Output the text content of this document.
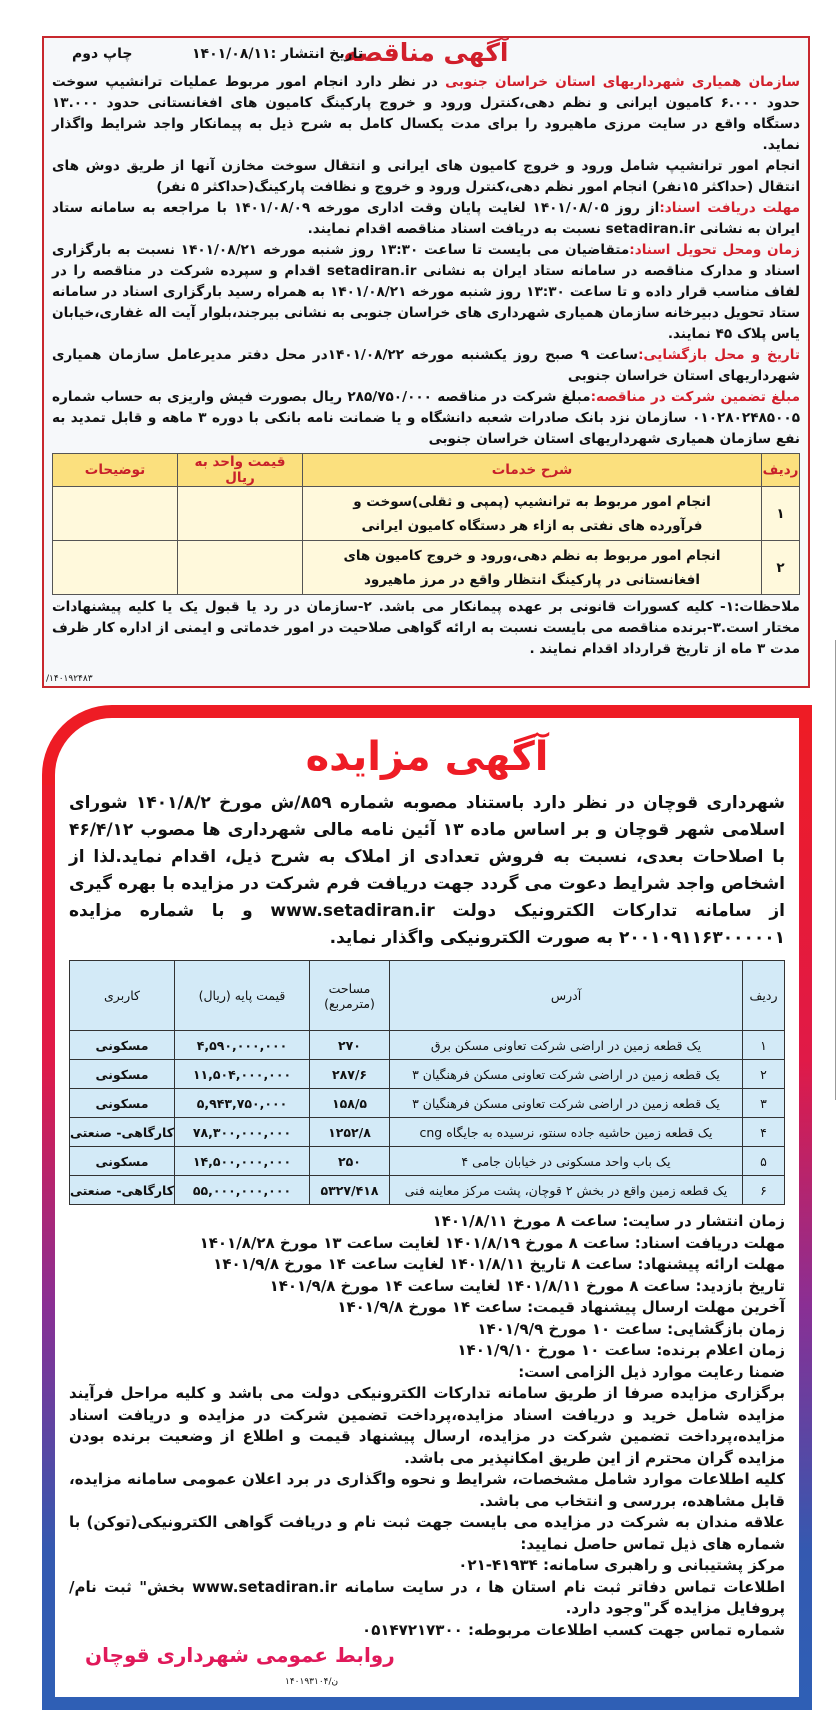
آگهی مناقصه
تاریخ انتشار :۱۴۰۱/۰۸/۱۱
چاپ دوم

سازمان همیاری شهرداریهای استان خراسان جنوبی در نظر دارد انجام امور مربوط عملیات ترانشیپ سوخت حدود ۶.۰۰۰ کامیون ایرانی و نظم دهی،کنترل ورود و خروج پارکینگ کامیون های افغانستانی حدود ۱۳.۰۰۰ دستگاه واقع در سایت مرزی ماهیرود را برای مدت یکسال کامل به شرح ذیل به پیمانکار واجد شرایط واگذار نماید.

انجام امور ترانشیپ شامل ورود و خروج کامیون های ایرانی و انتقال سوخت مخازن آنها از طریق دوش های انتقال (حداکثر ۱۵نفر) انجام امور نظم دهی،کنترل ورود و خروج و نظافت پارکینگ(حداکثر ۵ نفر)

مهلت دریافت اسناد:از روز ۱۴۰۱/۰۸/۰۵ لغایت پایان وقت اداری مورخه ۱۴۰۱/۰۸/۰۹ با مراجعه به سامانه ستاد ایران به نشانی setadiran.ir نسبت به دریافت اسناد مناقصه اقدام نمایند.

زمان ومحل تحویل اسناد:متقاضیان می بایست تا ساعت ۱۳:۳۰ روز شنبه مورخه ۱۴۰۱/۰۸/۲۱ نسبت به بارگزاری اسناد و مدارک مناقصه در سامانه ستاد ایران به نشانی setadiran.ir اقدام و سپرده شرکت در مناقصه را در لفاف مناسب قرار داده و تا ساعت ۱۳:۳۰ روز شنبه مورخه ۱۴۰۱/۰۸/۲۱ به همراه رسید بارگزاری اسناد در سامانه ستاد تحویل دبیرخانه سازمان همیاری شهرداری های خراسان جنوبی به نشانی بیرجند،بلوار آیت اله غفاری،خیابان یاس پلاک ۴۵ نمایند.

تاریخ و محل بازگشایی:ساعت ۹ صبح روز یکشنبه مورخه ۱۴۰۱/۰۸/۲۲در محل دفتر مدیرعامل سازمان همیاری شهرداریهای استان خراسان جنوبی

مبلغ تضمین شرکت در مناقصه:مبلغ شرکت در مناقصه ۲۸۵/۷۵۰/۰۰۰ ریال بصورت فیش واریزی به حساب شماره ۰۱۰۲۸۰۲۴۸۵۰۰۵ سازمان نزد بانک صادرات شعبه دانشگاه و یا ضمانت نامه بانکی با دوره ۳ ماهه و قابل تمدید به نفع سازمان همیاری شهرداریهای استان خراسان جنوبی

ردیف	شرح خدمات	قیمت واحد به ریال	توضیحات
۱	انجام امور مربوط به ترانشیپ (پمپی و ثقلی)سوخت و فرآورده های نفتی به ازاء هر دستگاه کامیون ایرانی		
۲	انجام امور مربوط به نظم دهی،ورود و خروج کامیون های افغانستانی در پارکینگ انتظار واقع در مرز ماهیرود		

ملاحظات:۱- کلیه کسورات قانونی بر عهده پیمانکار می باشد. ۲-سازمان در رد یا قبول یک یا کلیه پیشنهادات مختار است.۳-برنده مناقصه می بایست نسبت به ارائه گواهی صلاحیت در امور خدماتی و ایمنی از اداره کار ظرف مدت ۳ ماه از تاریخ قرارداد اقدام نمایند .

/۱۴۰۱۹۲۴۸۳
آگهی مزایده

شهرداری قوچان در نظر دارد باستناد مصوبه شماره ۸۵۹/ش مورخ ۱۴۰۱/۸/۲ شورای اسلامی شهر قوچان و بر اساس ماده ۱۳ آئین نامه مالی شهرداری ها مصوب ۴۶/۴/۱۲ با اصلاحات بعدی، نسبت به فروش تعدادی از املاک به شرح ذیل، اقدام نماید.لذا از اشخاص واجد شرایط دعوت می گردد جهت دریافت فرم شرکت در مزایده با بهره گیری از سامانه تدارکات الکترونیک دولت www.setadiran.ir و با شماره مزایده ۲۰۰۱۰۹۱۱۶۳۰۰۰۰۰۱ به صورت الکترونیکی واگذار نماید.

ردیف	آدرس	مساحت (مترمربع)	قیمت پایه (ریال)	کاربری
۱	یک قطعه زمین در اراضی شرکت تعاونی مسکن برق	۲۷۰	۴,۵۹۰,۰۰۰,۰۰۰	مسکونی
۲	یک قطعه زمین در اراضی شرکت تعاونی مسکن فرهنگیان ۳	۲۸۷/۶	۱۱,۵۰۴,۰۰۰,۰۰۰	مسکونی
۳	یک قطعه زمین در اراضی شرکت تعاونی مسکن فرهنگیان ۳	۱۵۸/۵	۵,۹۴۳,۷۵۰,۰۰۰	مسکونی
۴	یک قطعه زمین حاشیه جاده سنتو، نرسیده به جایگاه cng	۱۲۵۲/۸	۷۸,۳۰۰,۰۰۰,۰۰۰	کارگاهی- صنعتی
۵	یک باب واحد مسکونی در خیابان جامی ۴	۲۵۰	۱۴,۵۰۰,۰۰۰,۰۰۰	مسکونی
۶	یک قطعه زمین واقع در بخش ۲ قوچان، پشت مرکز معاینه فنی	۵۳۲۷/۴۱۸	۵۵,۰۰۰,۰۰۰,۰۰۰	کارگاهی- صنعتی
زمان انتشار در سایت: ساعت ۸ مورخ ۱۴۰۱/۸/۱۱
مهلت دریافت اسناد: ساعت ۸ مورخ ۱۴۰۱/۸/۱۹ لغایت ساعت ۱۳ مورخ ۱۴۰۱/۸/۲۸
مهلت ارائه پیشنهاد: ساعت ۸ تاریخ ۱۴۰۱/۸/۱۱ لغایت ساعت ۱۴ مورخ ۱۴۰۱/۹/۸
تاریخ بازدید: ساعت ۸ مورخ ۱۴۰۱/۸/۱۱ لغایت ساعت ۱۴ مورخ ۱۴۰۱/۹/۸
آخرین مهلت ارسال پیشنهاد قیمت: ساعت ۱۴ مورخ ۱۴۰۱/۹/۸
زمان بازگشایی: ساعت ۱۰ مورخ ۱۴۰۱/۹/۹
زمان اعلام برنده: ساعت ۱۰ مورخ ۱۴۰۱/۹/۱۰
ضمنا رعایت موارد ذیل الزامی است:
برگزاری مزایده صرفا از طریق سامانه تدارکات الکترونیکی دولت می باشد و کلیه مراحل فرآیند مزایده شامل خرید و دریافت اسناد مزایده،پرداخت تضمین شرکت در مزایده و دریافت اسناد مزایده،پرداخت تضمین شرکت در مزایده، ارسال پیشنهاد قیمت و اطلاع از وضعیت برنده بودن مزایده گران محترم از این طریق امکانپذیر می باشد.
کلیه اطلاعات موارد شامل مشخصات، شرایط و نحوه واگذاری در برد اعلان عمومی سامانه مزایده، قابل مشاهده، بررسی و انتخاب می باشد.
علاقه مندان به شرکت در مزایده می بایست جهت ثبت نام و دریافت گواهی الکترونیکی(توکن) با شماره های ذیل تماس حاصل نمایید:
مرکز پشتیبانی و راهبری سامانه: ۴۱۹۳۴-۰۲۱
اطلاعات تماس دفاتر ثبت نام استان ها ، در سایت سامانه www.setadiran.ir بخش" ثبت نام/پروفایل مزایده گر"وجود دارد.
شماره تماس جهت کسب اطلاعات مربوطه: ۰۵۱۴۷۲۱۷۳۰۰
روابط عمومی شهرداری قوچان
ن/۱۴۰۱۹۳۱۰۴
